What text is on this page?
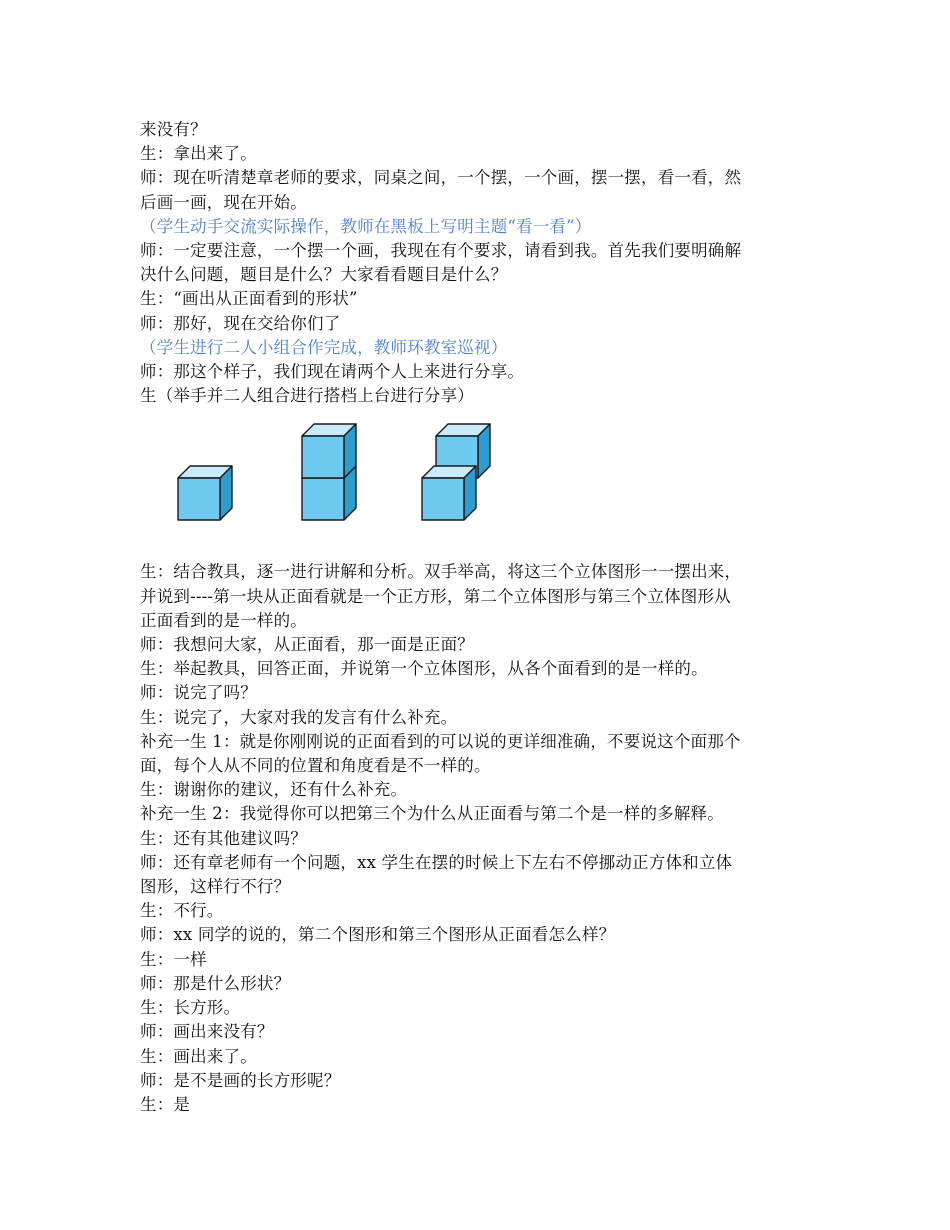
来没有？
生：拿出来了。
师：现在听清楚章老师的要求，同桌之间，一个摆，一个画，摆一摆，看一看，然
后画一画，现在开始。
（学生动手交流实际操作，教师在黑板上写明主题“看一看”）
师：一定要注意，一个摆一个画，我现在有个要求，请看到我。首先我们要明确解
决什么问题，题目是什么？大家看看题目是什么？
生：“画出从正面看到的形状”
师：那好，现在交给你们了
（学生进行二人小组合作完成，教师环教室巡视）
师：那这个样子，我们现在请两个人上来进行分享。
生（举手并二人组合进行搭档上台进行分享）
生：结合教具，逐一进行讲解和分析。双手举高，将这三个立体图形一一摆出来，
并说到----第一块从正面看就是一个正方形，第二个立体图形与第三个立体图形从
正面看到的是一样的。
师：我想问大家，从正面看，那一面是正面？
生：举起教具，回答正面，并说第一个立体图形，从各个面看到的是一样的。
师：说完了吗？
生：说完了，大家对我的发言有什么补充。
补充一生 1：就是你刚刚说的正面看到的可以说的更详细准确，不要说这个面那个
面，每个人从不同的位置和角度看是不一样的。
生：谢谢你的建议，还有什么补充。
补充一生 2：我觉得你可以把第三个为什么从正面看与第二个是一样的多解释。
生：还有其他建议吗？
师：还有章老师有一个问题，xx 学生在摆的时候上下左右不停挪动正方体和立体
图形，这样行不行？
生：不行。
师：xx 同学的说的，第二个图形和第三个图形从正面看怎么样？
生：一样
师：那是什么形状？
生：长方形。
师：画出来没有？
生：画出来了。
师：是不是画的长方形呢？
生：是
